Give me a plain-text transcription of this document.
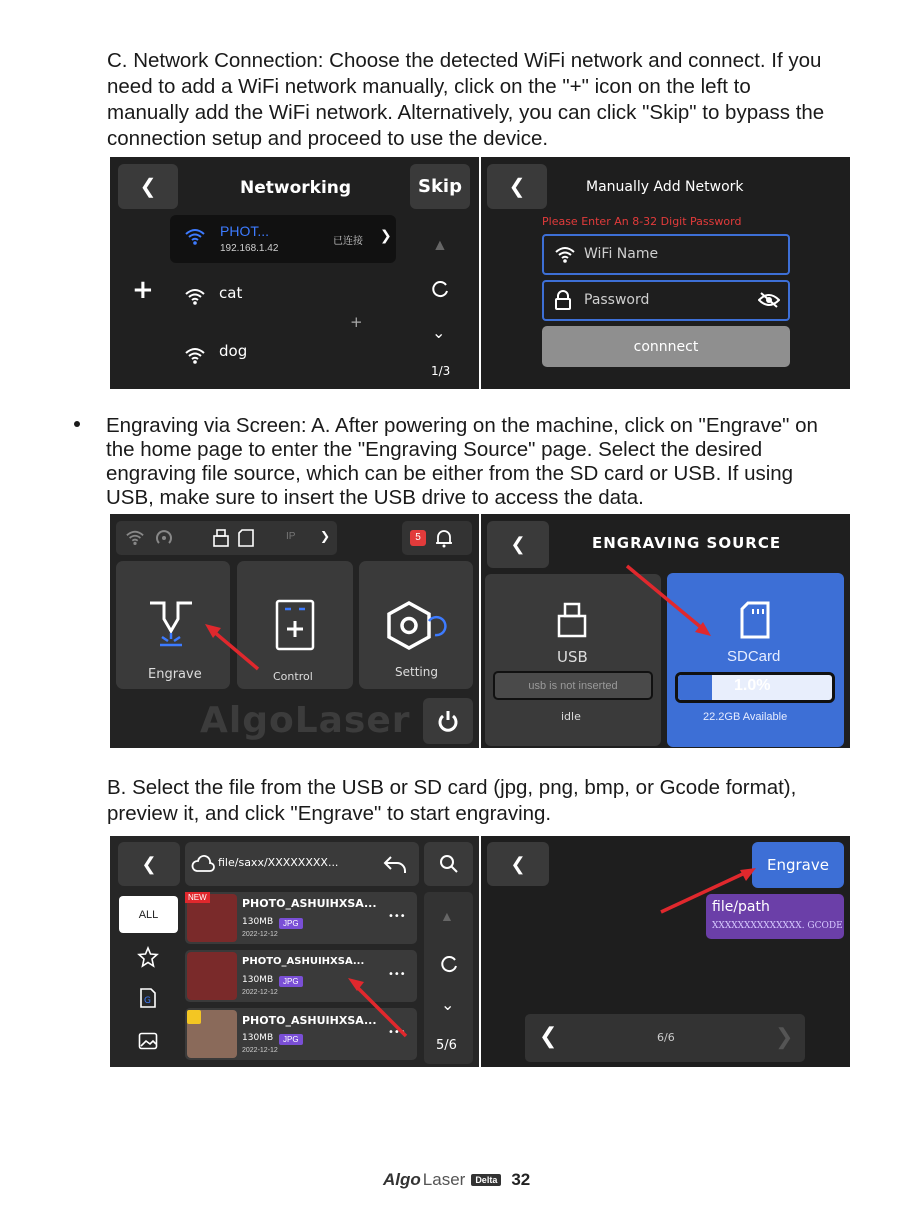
C. Network Connection: Choose the detected WiFi network and connect. If you need to add a WiFi network manually, click on the "+" icon on the left to manually add the WiFi network. Alternatively, you can click "Skip" to bypass the connection setup and proceed to use the device.

❮	Networking	Skip
PHOT...
192.168.1.42
已连接 ❯
+	cat
+
dog
▲
⌄
1/3
❮	Manually Add Network
Please Enter An 8-32 Digit Password
WiFi Name
Password
connnect

Engraving via Screen: A. After powering on the machine, click on "Engrave" on the home page to enter the "Engraving Source" page. Select the desired engraving file source, which can be either from the SD card or USB. If using USB, make sure to insert the USB drive to access the data.

IP ❯	5
Engrave	Control	Setting
AlgoLaser
❮	ENGRAVING SOURCE
USB
usb is not inserted
idle
SDCard
1.0%
22.2GB Available

B. Select the file from the USB or SD card (jpg, png, bmp, or Gcode format), preview it, and click "Engrave" to start engraving.

❮	file/saxx/XXXXXXXX...
ALL
G
NEW	PHOTO_ASHUIHXSA...
130MB	JPG
2022-12-12
•••
PHOTO_ASHUIHXSA...
130MB	JPG
2022-12-12
•••
PHOTO_ASHUIHXSA...
130MB	JPG
2022-12-12
•••
▲
⌄
5/6
❮	Engrave
file/path
XXXXXXXXXXXXXX. GCODE
❮	6/6	❯
Algo Laser	Delta 32
